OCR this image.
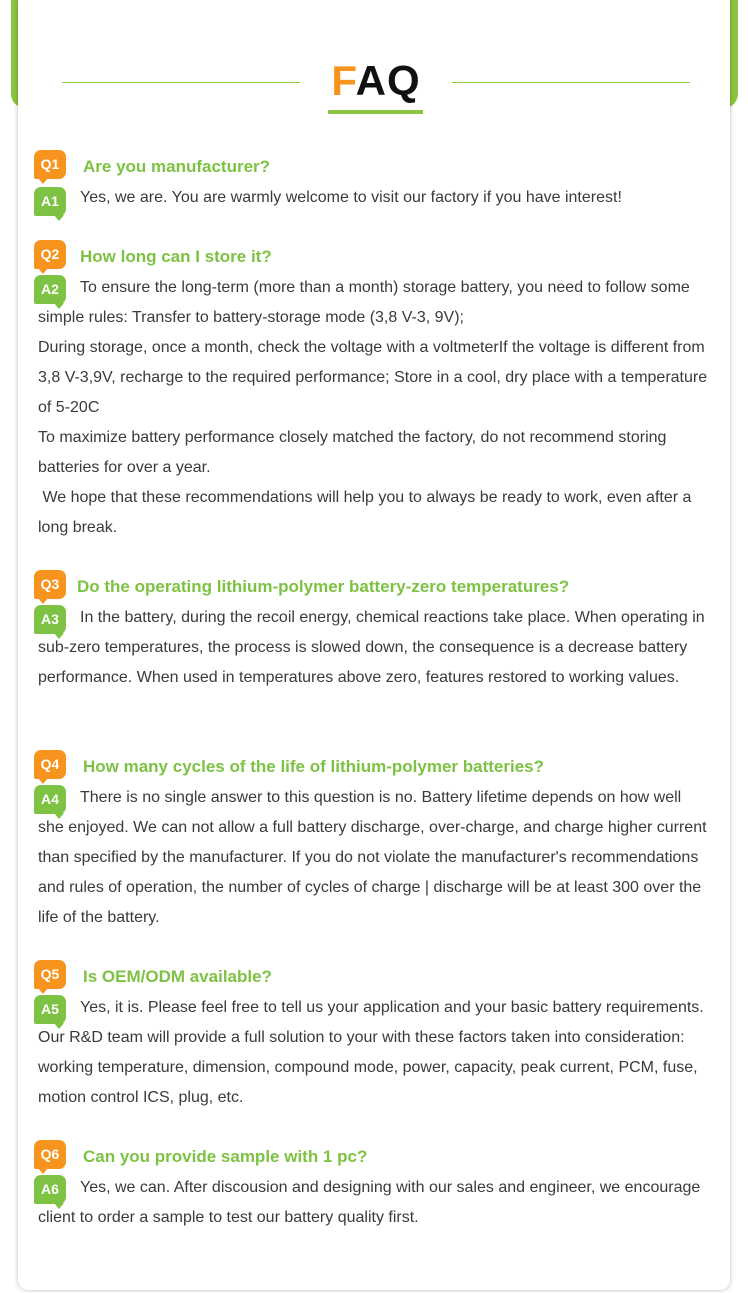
FAQ
Q1	Are you manufacturer?
A1	Yes, we are. You are warmly welcome to visit our factory if you have interest!

Q2	How long can I store it?
A2	To ensure the long-term (more than a month) storage battery, you need to follow some simple rules: Transfer to battery-storage mode (3,8 V-3, 9V);

During storage, once a month, check the voltage with a voltmeterIf the voltage is different from 3,8 V-3,9V, recharge to the required performance; Store in a cool, dry place with a temperature of 5-20C

To maximize battery performance closely matched the factory, do not recommend storing batteries for over a year.

We hope that these recommendations will help you to always be ready to work, even after a long break.

Q3	Do the operating lithium-polymer battery-zero temperatures?
A3	In the battery, during the recoil energy, chemical reactions take place. When operating in sub-zero temperatures, the process is slowed down, the consequence is a decrease battery performance. When used in temperatures above zero, features restored to working values.

Q4	How many cycles of the life of lithium-polymer batteries?
A4	There is no single answer to this question is no. Battery lifetime depends on how well she enjoyed. We can not allow a full battery discharge, over-charge, and charge higher current than specified by the manufacturer. If you do not violate the manufacturer's recommendations and rules of operation, the number of cycles of charge | discharge will be at least 300 over the life of the battery.

Q5	Is OEM/ODM available?
A5	Yes, it is. Please feel free to tell us your application and your basic battery requirements. Our R&D team will provide a full solution to your with these factors taken into consideration: working temperature, dimension, compound mode, power, capacity, peak current, PCM, fuse, motion control ICS, plug, etc.

Q6	Can you provide sample with 1 pc?
A6	Yes, we can. After discousion and designing with our sales and engineer, we encourage client to order a sample to test our battery quality first.
